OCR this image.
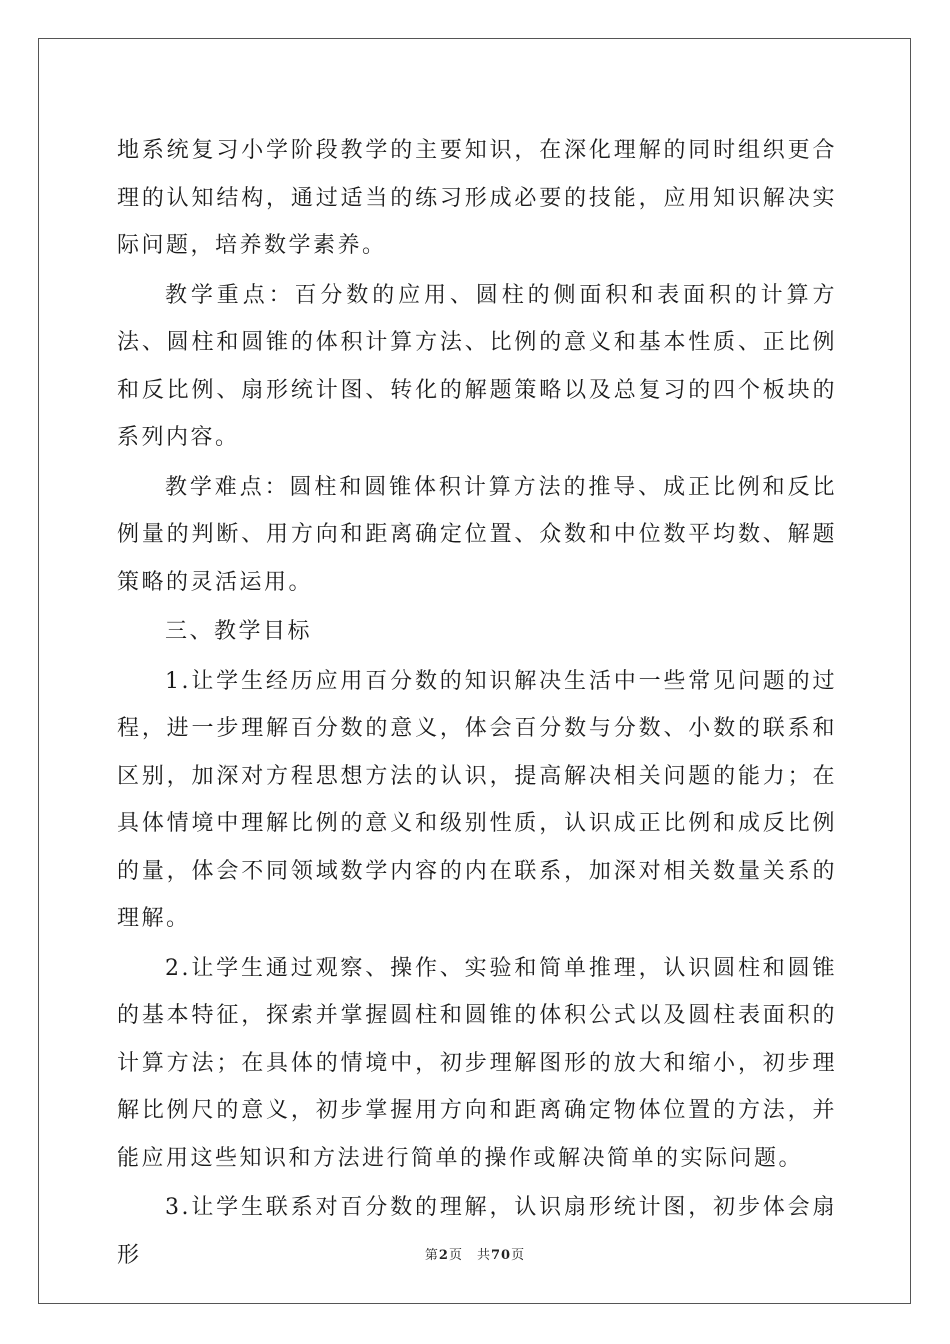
地系统复习小学阶段教学的主要知识，在深化理解的同时组织更合理的认知结构，通过适当的练习形成必要的技能，应用知识解决实际问题，培养数学素养。

教学重点：百分数的应用、圆柱的侧面积和表面积的计算方法、圆柱和圆锥的体积计算方法、比例的意义和基本性质、正比例和反比例、扇形统计图、转化的解题策略以及总复习的四个板块的系列内容。

教学难点：圆柱和圆锥体积计算方法的推导、成正比例和反比例量的判断、用方向和距离确定位置、众数和中位数平均数、解题策略的灵活运用。

三、教学目标

1.让学生经历应用百分数的知识解决生活中一些常见问题的过程，进一步理解百分数的意义，体会百分数与分数、小数的联系和区别，加深对方程思想方法的认识，提高解决相关问题的能力；在具体情境中理解比例的意义和级别性质，认识成正比例和成反比例的量，体会不同领域数学内容的内在联系，加深对相关数量关系的理解。

2.让学生通过观察、操作、实验和简单推理，认识圆柱和圆锥的基本特征，探索并掌握圆柱和圆锥的体积公式以及圆柱表面积的计算方法；在具体的情境中，初步理解图形的放大和缩小，初步理解比例尺的意义，初步掌握用方向和距离确定物体位置的方法，并能应用这些知识和方法进行简单的操作或解决简单的实际问题。

3.让学生联系对百分数的理解，认识扇形统计图，初步体会扇形	第2页 共70页
